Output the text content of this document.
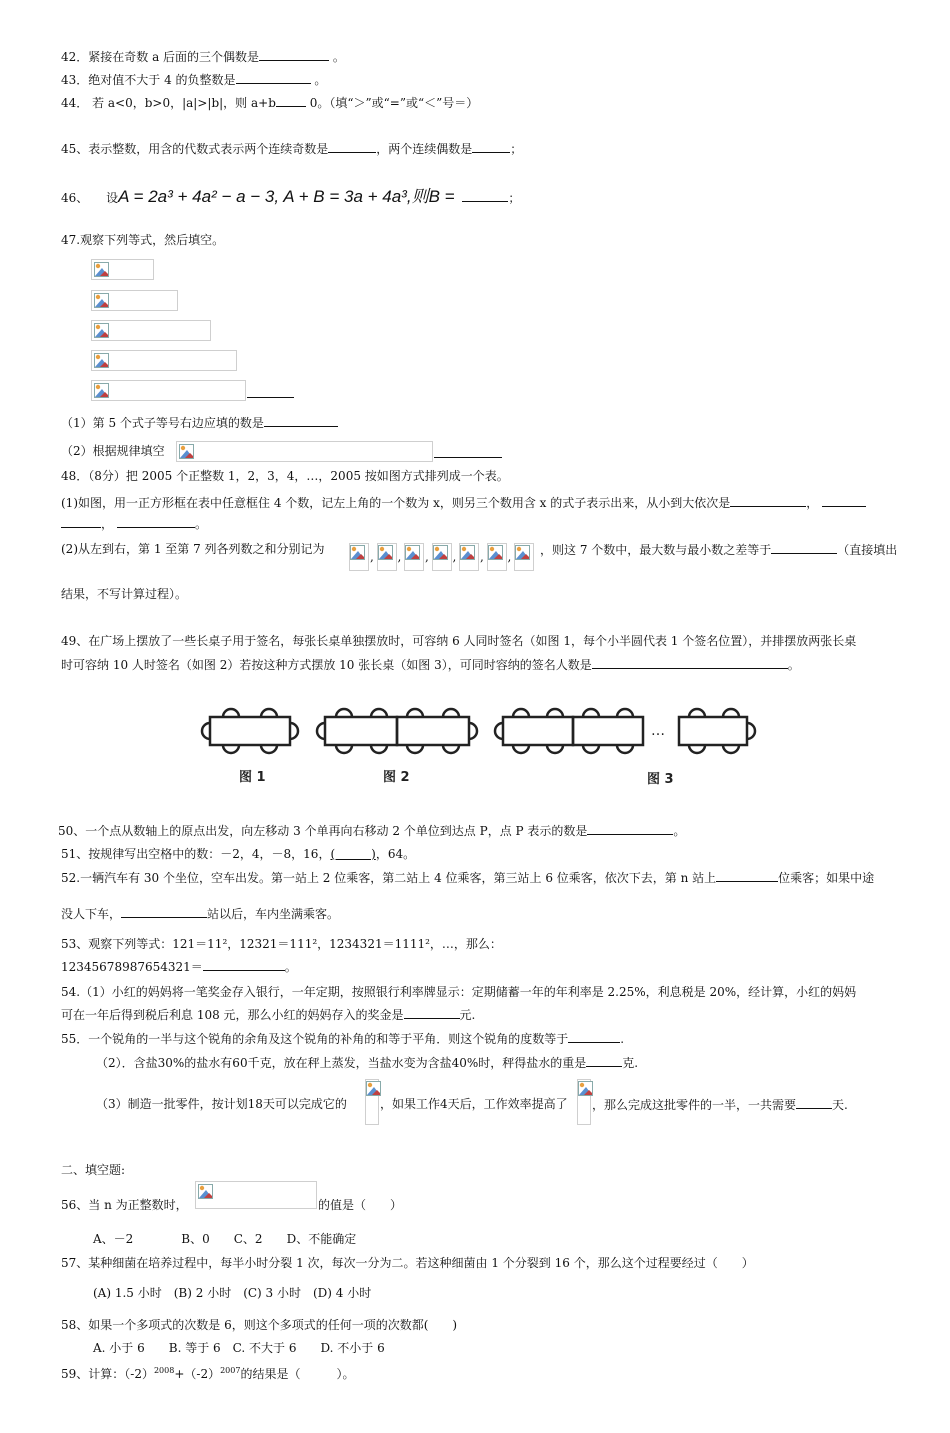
42．紧接在奇数 a 后面的三个偶数是	。
43．绝对值不大于 4 的负整数是	。
44． 若 a<0，b>0，|a|>|b|，则 a+b	0。（填“＞”或“=”或“＜”号＝）
45、表示整数，用含的代数式表示两个连续奇数是	，两个连续偶数是	；
46、 设A = 2a³ + 4a² − a − 3, A + B = 3a + 4a³,则B =	；
47.观察下列等式，然后填空。
（1）第 5 个式子等号右边应填的数是
（2）根据规律填空
48．（8分）把 2005 个正整数 1，2，3，4，…，2005 按如图方式排列成一个表。
(1)如图，用一正方形框在表中任意框住 4 个数，记左上角的一个数为 x，则另三个数用含 x 的式子表示出来，从小到大依次是	，
，	。
(2)从左到右，第 1 至第 7 列各列数之和分别记为
, , , , , , ，则这 7 个数中，最大数与最小数之差等于	（直接填出
结果，不写计算过程）。
49、在广场上摆放了一些长桌子用于签名，每张长桌单独摆放时，可容纳 6 人同时签名（如图 1，每个小半圆代表 1 个签名位置），并排摆放两张长桌
时可容纳 10 人时签名（如图 2）若按这种方式摆放 10 张长桌（如图 3），可同时容纳的签名人数是	。
…
图 1	图 2	图 3
50、一个点从数轴上的原点出发，向左移动 3 个单再向右移动 2 个单位到达点 P，点 P 表示的数是	。
51、按规律写出空格中的数：－2，4，－8，16，(　　　)，64。
52.一辆汽车有 30 个坐位，空车出发。第一站上 2 位乘客，第二站上 4 位乘客，第三站上 6 位乘客，依次下去，第 n 站上	位乘客；如果中途
没人下车，	站以后，车内坐满乘客。
53、观察下列等式：121＝11²，12321＝111²，1234321＝1111²，…，那么：
12345678987654321＝	。
54.（1）小红的妈妈将一笔奖金存入银行，一年定期，按照银行利率牌显示：定期储蓄一年的年利率是 2.25%，利息税是 20%，经计算，小红的妈妈
可在一年后得到税后利息 108 元，那么小红的妈妈存入的奖金是	元.
55．一个锐角的一半与这个锐角的余角及这个锐角的补角的和等于平角．则这个锐角的度数等于	.
（2）．含盐30%的盐水有60千克，放在秤上蒸发，当盐水变为含盐40%时，秤得盐水的重是	克.
（3）制造一批零件，按计划18天可以完成它的	，如果工作4天后，工作效率提高了 ，那么完成这批零件的一半，一共需要	天.
二、填空题:
56、当 n 为正整数时，	的值是（　　）
A、－2　　　　B、0　　C、2　　D、不能确定
57、某种细菌在培养过程中，每半小时分裂 1 次，每次一分为二。若这种细菌由 1 个分裂到 16 个，那么这个过程要经过（　　）
(A) 1.5 小时　(B) 2 小时　(C) 3 小时　(D) 4 小时
58、如果一个多项式的次数是 6，则这个多项式的任何一项的次数都(　　)
A. 小于 6　　B. 等于 6　C. 不大于 6　　D. 不小于 6
59、计算：$(-2)^{2008}+(-2)^{2007}$的结果是（　　　）。
